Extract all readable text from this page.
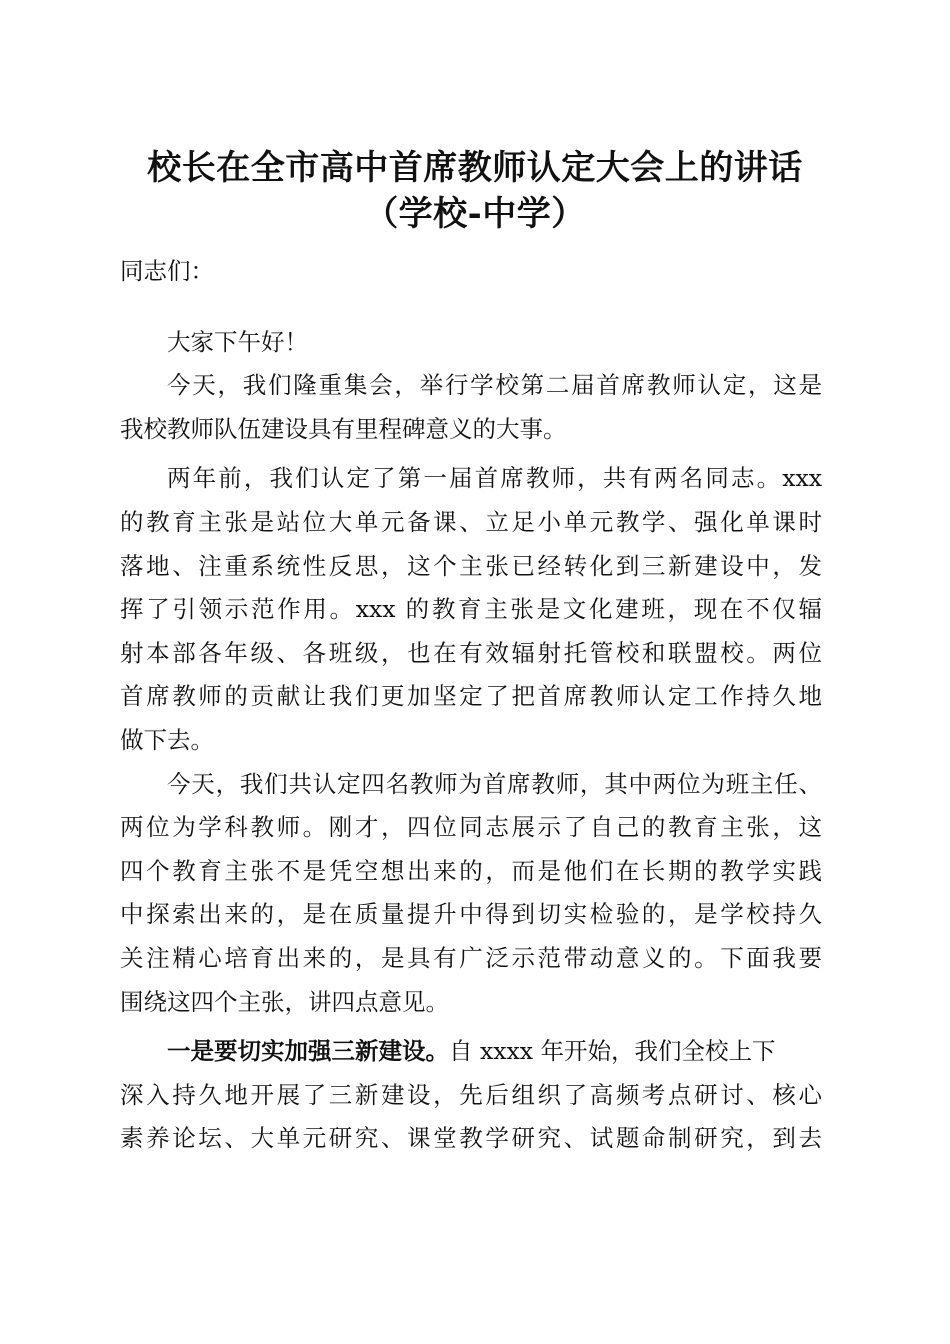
校长在全市高中首席教师认定大会上的讲话
（学校-中学）
同志们：
大家下午好！
今天，我们隆重集会，举行学校第二届首席教师认定，这是
我校教师队伍建设具有里程碑意义的大事。
两年前，我们认定了第一届首席教师，共有两名同志。xxx
的教育主张是站位大单元备课、立足小单元教学、强化单课时
落地、注重系统性反思，这个主张已经转化到三新建设中，发
挥了引领示范作用。xxx 的教育主张是文化建班，现在不仅辐
射本部各年级、各班级，也在有效辐射托管校和联盟校。两位
首席教师的贡献让我们更加坚定了把首席教师认定工作持久地
做下去。
今天，我们共认定四名教师为首席教师，其中两位为班主任、
两位为学科教师。刚才，四位同志展示了自己的教育主张，这
四个教育主张不是凭空想出来的，而是他们在长期的教学实践
中探索出来的，是在质量提升中得到切实检验的，是学校持久
关注精心培育出来的，是具有广泛示范带动意义的。下面我要
围绕这四个主张，讲四点意见。
一是要切实加强三新建设。自 xxxx 年开始，我们全校上下
深入持久地开展了三新建设，先后组织了高频考点研讨、核心
素养论坛、大单元研究、课堂教学研究、试题命制研究，到去
